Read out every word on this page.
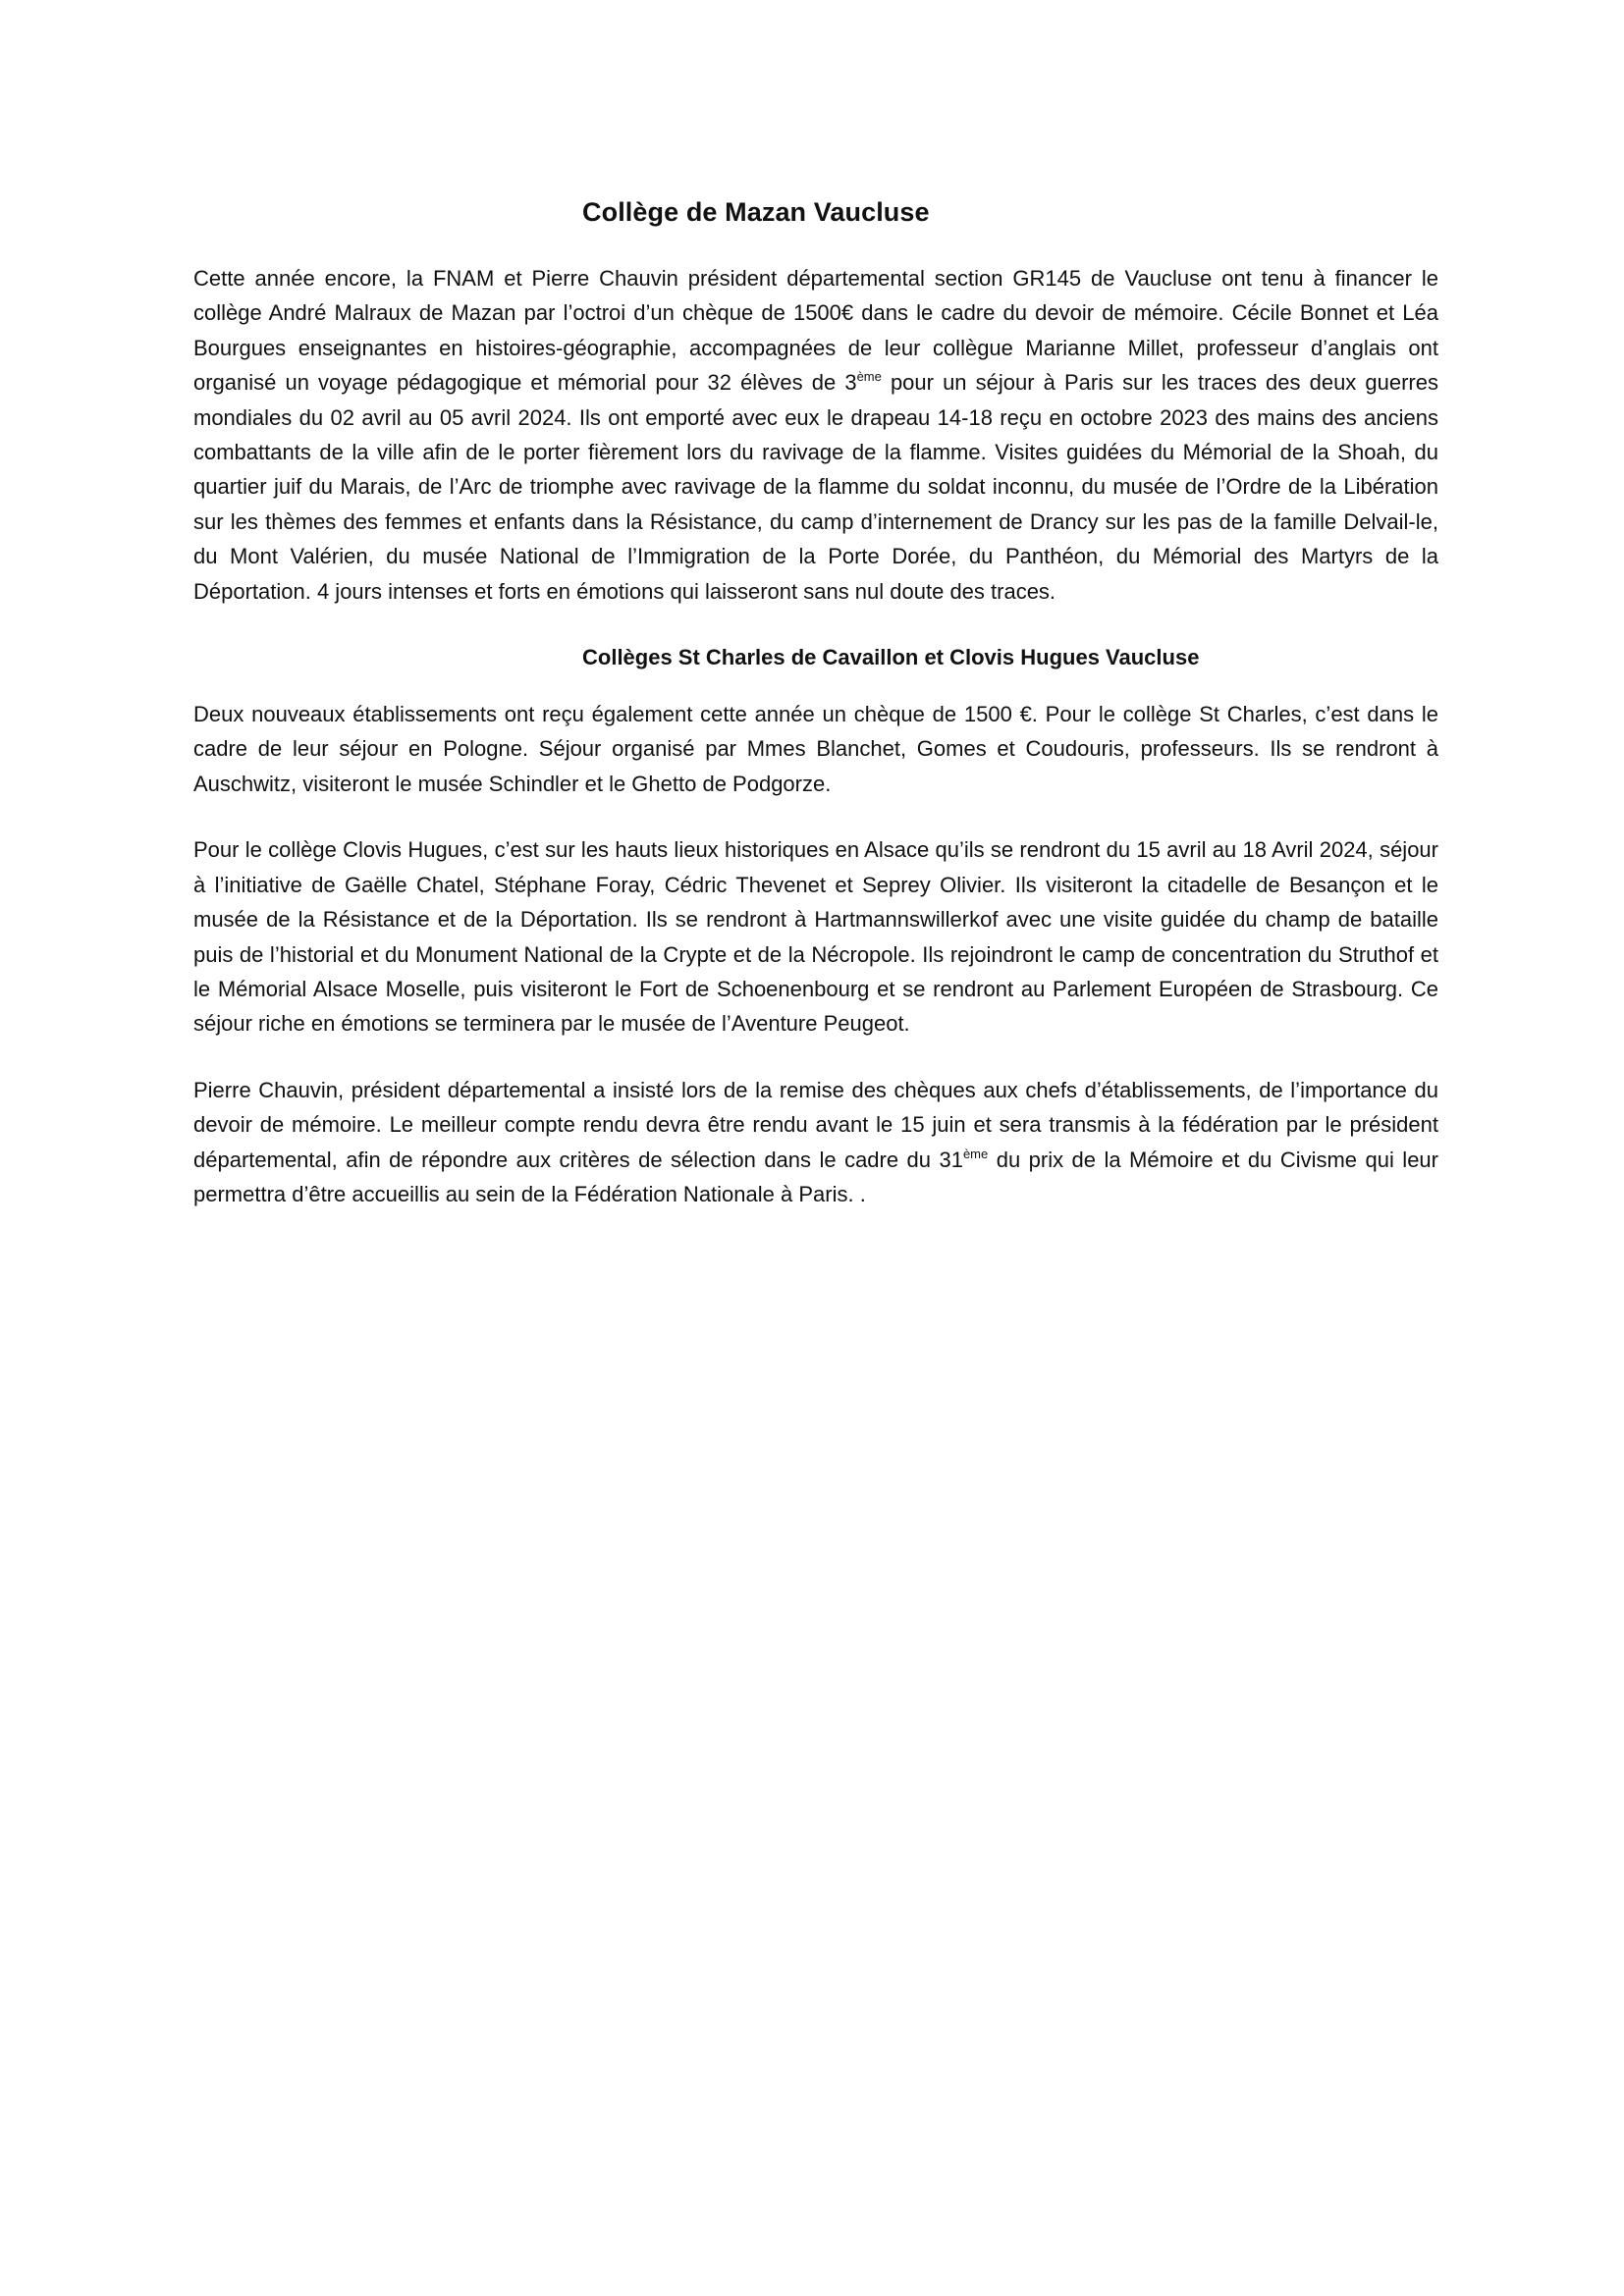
Collège de Mazan Vaucluse

Cette année encore, la FNAM et Pierre Chauvin président départemental section GR145 de Vaucluse ont tenu à financer le collège André Malraux de Mazan par l’octroi d’un chèque de 1500€ dans le cadre du devoir de mémoire. Cécile Bonnet et Léa Bourgues enseignantes en histoires-géographie, accompagnées de leur collègue Marianne Millet, professeur d’anglais ont organisé un voyage pédagogique et mémorial pour 32 élèves de 3ème pour un séjour à Paris sur les traces des deux guerres mondiales du 02 avril au 05 avril 2024. Ils ont emporté avec eux le drapeau 14-18 reçu en octobre 2023 des mains des anciens combattants de la ville afin de le porter fièrement lors du ravivage de la flamme. Visites guidées du Mémorial de la Shoah, du quartier juif du Marais, de l’Arc de triomphe avec ravivage de la flamme du soldat inconnu, du musée de l’Ordre de la Libération sur les thèmes des femmes et enfants dans la Résistance, du camp d’internement de Drancy sur les pas de la famille Delvail-le, du Mont Valérien, du musée National de l’Immigration de la Porte Dorée, du Panthéon, du Mémorial des Martyrs de la Déportation. 4 jours intenses et forts en émotions qui laisseront sans nul doute des traces.

Collèges St Charles de Cavaillon et Clovis Hugues Vaucluse

Deux nouveaux établissements ont reçu également cette année un chèque de 1500 €. Pour le collège St Charles, c’est dans le cadre de leur séjour en Pologne. Séjour organisé par Mmes Blanchet, Gomes et Coudouris, professeurs. Ils se rendront à Auschwitz, visiteront le musée Schindler et le Ghetto de Podgorze.

Pour le collège Clovis Hugues, c’est sur les hauts lieux historiques en Alsace qu’ils se rendront du 15 avril au 18 Avril 2024, séjour à l’initiative de Gaëlle Chatel, Stéphane Foray, Cédric Thevenet et Seprey Olivier. Ils visiteront la citadelle de Besançon et le musée de la Résistance et de la Déportation. Ils se rendront à Hartmannswillerkof avec une visite guidée du champ de bataille puis de l’historial et du Monument National de la Crypte et de la Nécropole. Ils rejoindront le camp de concentration du Struthof et le Mémorial Alsace Moselle, puis visiteront le Fort de Schoenenbourg et se rendront au Parlement Européen de Strasbourg. Ce séjour riche en émotions se terminera par le musée de l’Aventure Peugeot.

Pierre Chauvin, président départemental a insisté lors de la remise des chèques aux chefs d’établissements, de l’importance du devoir de mémoire. Le meilleur compte rendu devra être rendu avant le 15 juin et sera transmis à la fédération par le président départemental, afin de répondre aux critères de sélection dans le cadre du 31ème du prix de la Mémoire et du Civisme qui leur permettra d’être accueillis au sein de la Fédération Nationale à Paris. .
